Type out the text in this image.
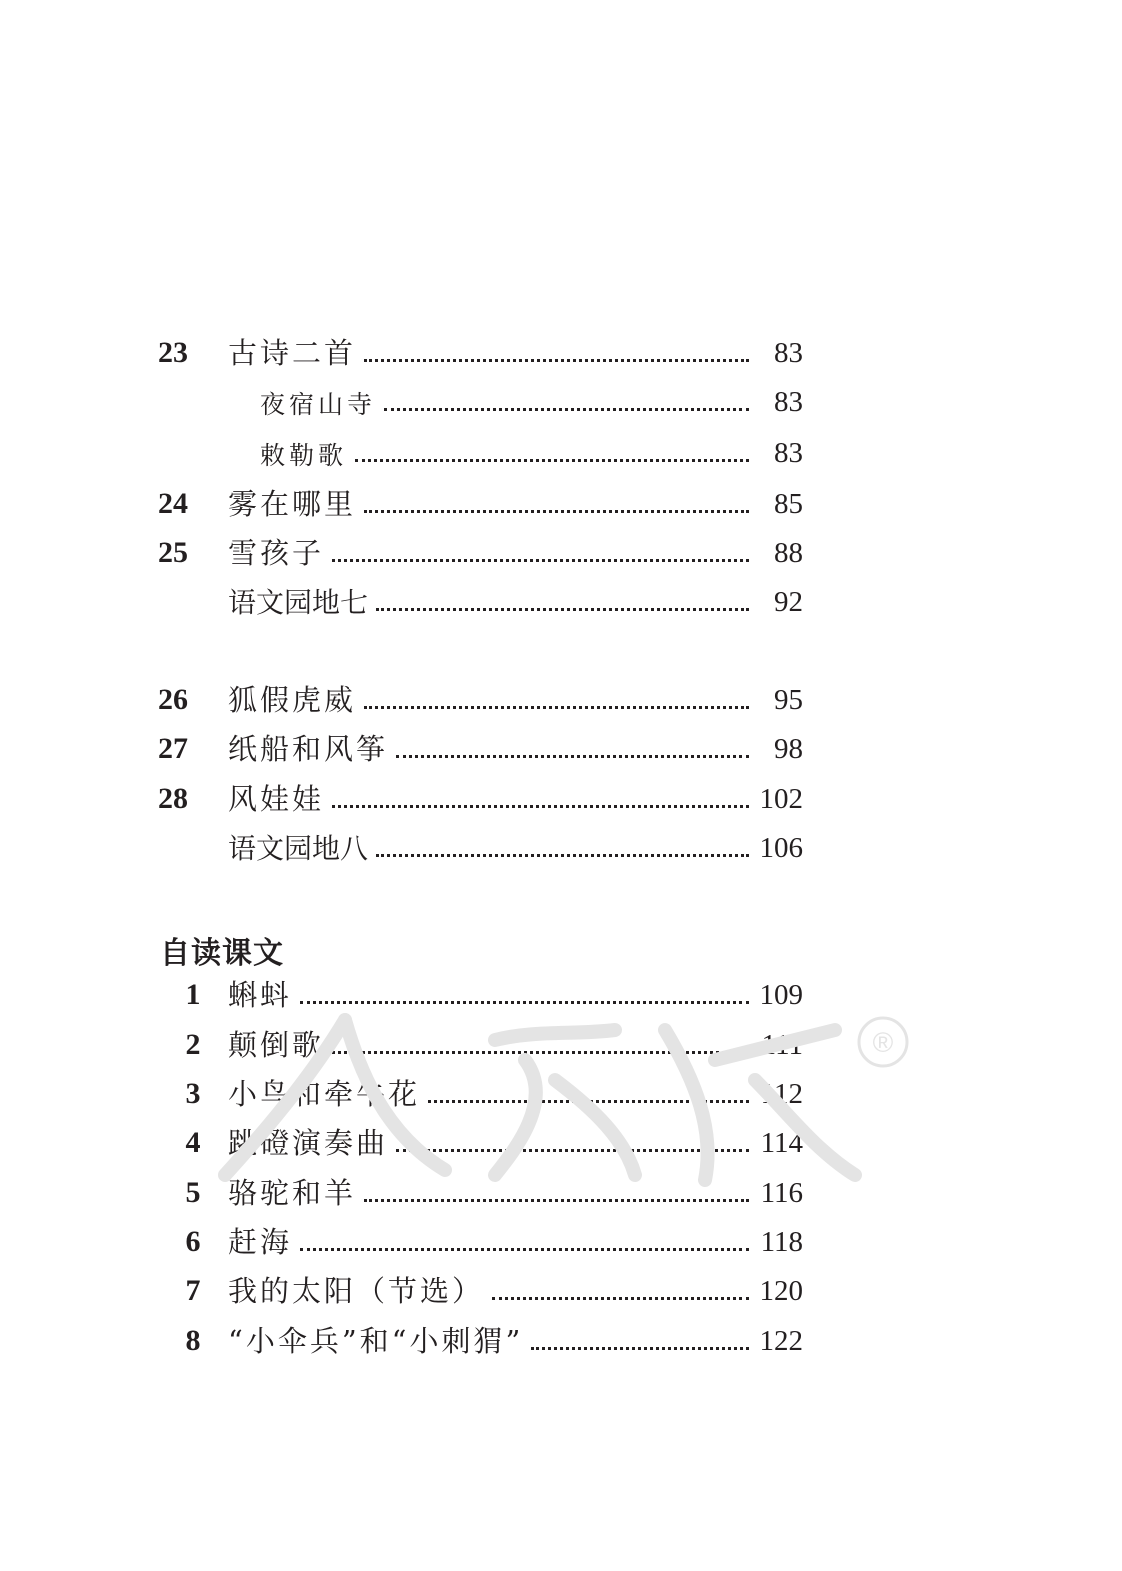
23	古诗二首	83
夜宿山寺	83
敕勒歌	83
24	雾在哪里	85
25	雪孩子	88
语文园地七	92
26	狐假虎威	95
27	纸船和风筝	98
28	风娃娃	102
语文园地八	106
自读课文
1 蝌蚪	109
2 颠倒歌	111
3 小鸟和牵牛花	112
4 跳磴演奏曲	114
5 骆驼和羊	116
6 赶海	118
7 我的太阳（节选）	120
8 “小伞兵”和“小刺猬”	122
®
